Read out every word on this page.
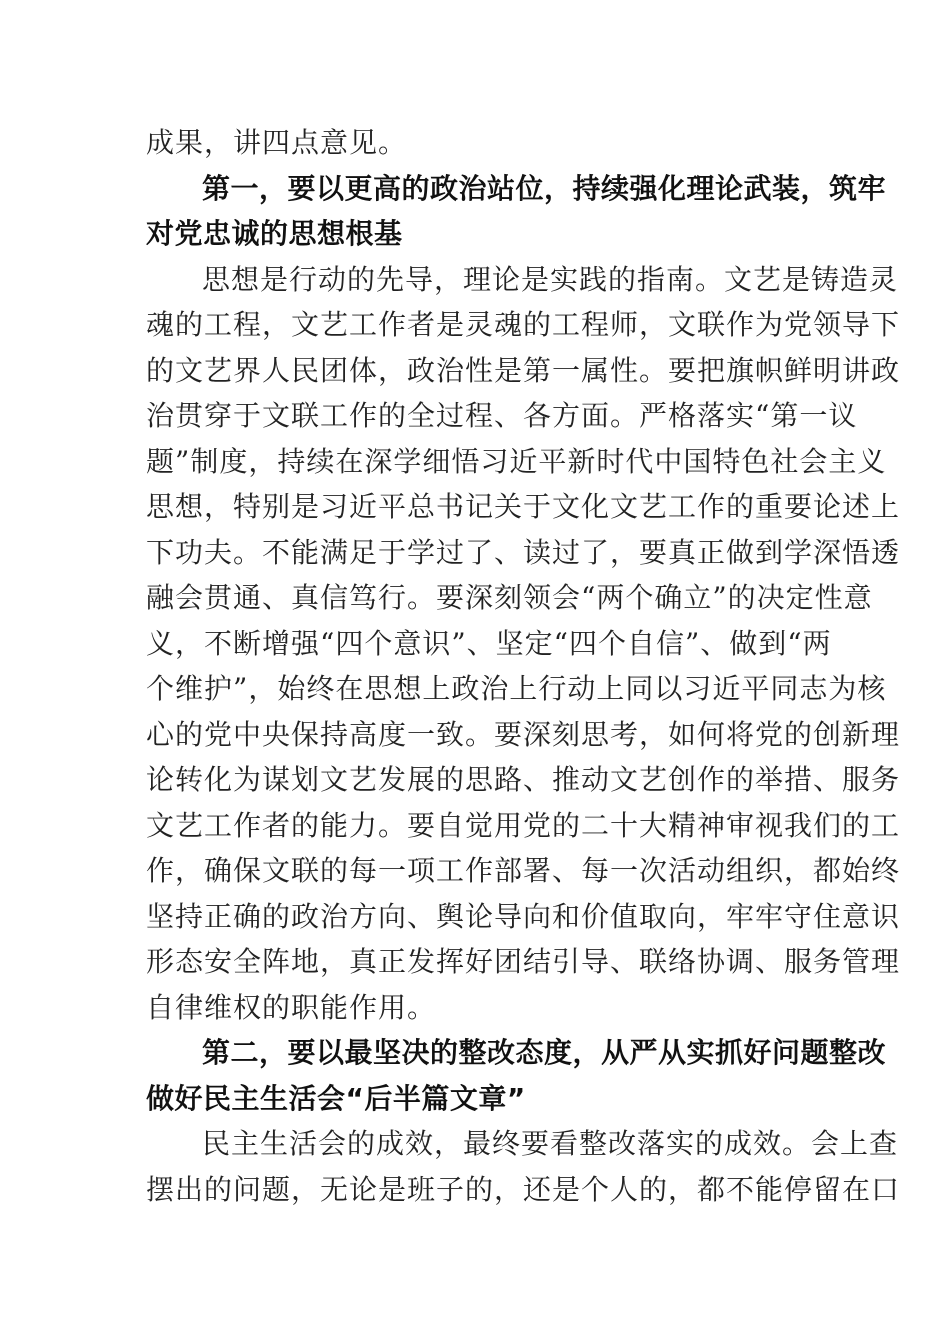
成果，讲四点意见。
第一，要以更高的政治站位，持续强化理论武装，筑牢
对党忠诚的思想根基
思想是行动的先导，理论是实践的指南。文艺是铸造灵
魂的工程，文艺工作者是灵魂的工程师，文联作为党领导下
的文艺界人民团体，政治性是第一属性。要把旗帜鲜明讲政
治贯穿于文联工作的全过程、各方面。严格落实“第一议
题”制度，持续在深学细悟习近平新时代中国特色社会主义
思想，特别是习近平总书记关于文化文艺工作的重要论述上
下功夫。不能满足于学过了、读过了，要真正做到学深悟透
融会贯通、真信笃行。要深刻领会“两个确立”的决定性意
义，不断增强“四个意识”、坚定“四个自信”、做到“两
个维护”，始终在思想上政治上行动上同以习近平同志为核
心的党中央保持高度一致。要深刻思考，如何将党的创新理
论转化为谋划文艺发展的思路、推动文艺创作的举措、服务
文艺工作者的能力。要自觉用党的二十大精神审视我们的工
作，确保文联的每一项工作部署、每一次活动组织，都始终
坚持正确的政治方向、舆论导向和价值取向，牢牢守住意识
形态安全阵地，真正发挥好团结引导、联络协调、服务管理
自律维权的职能作用。
第二，要以最坚决的整改态度，从严从实抓好问题整改
做好民主生活会“后半篇文章”
民主生活会的成效，最终要看整改落实的成效。会上查
摆出的问题，无论是班子的，还是个人的，都不能停留在口
